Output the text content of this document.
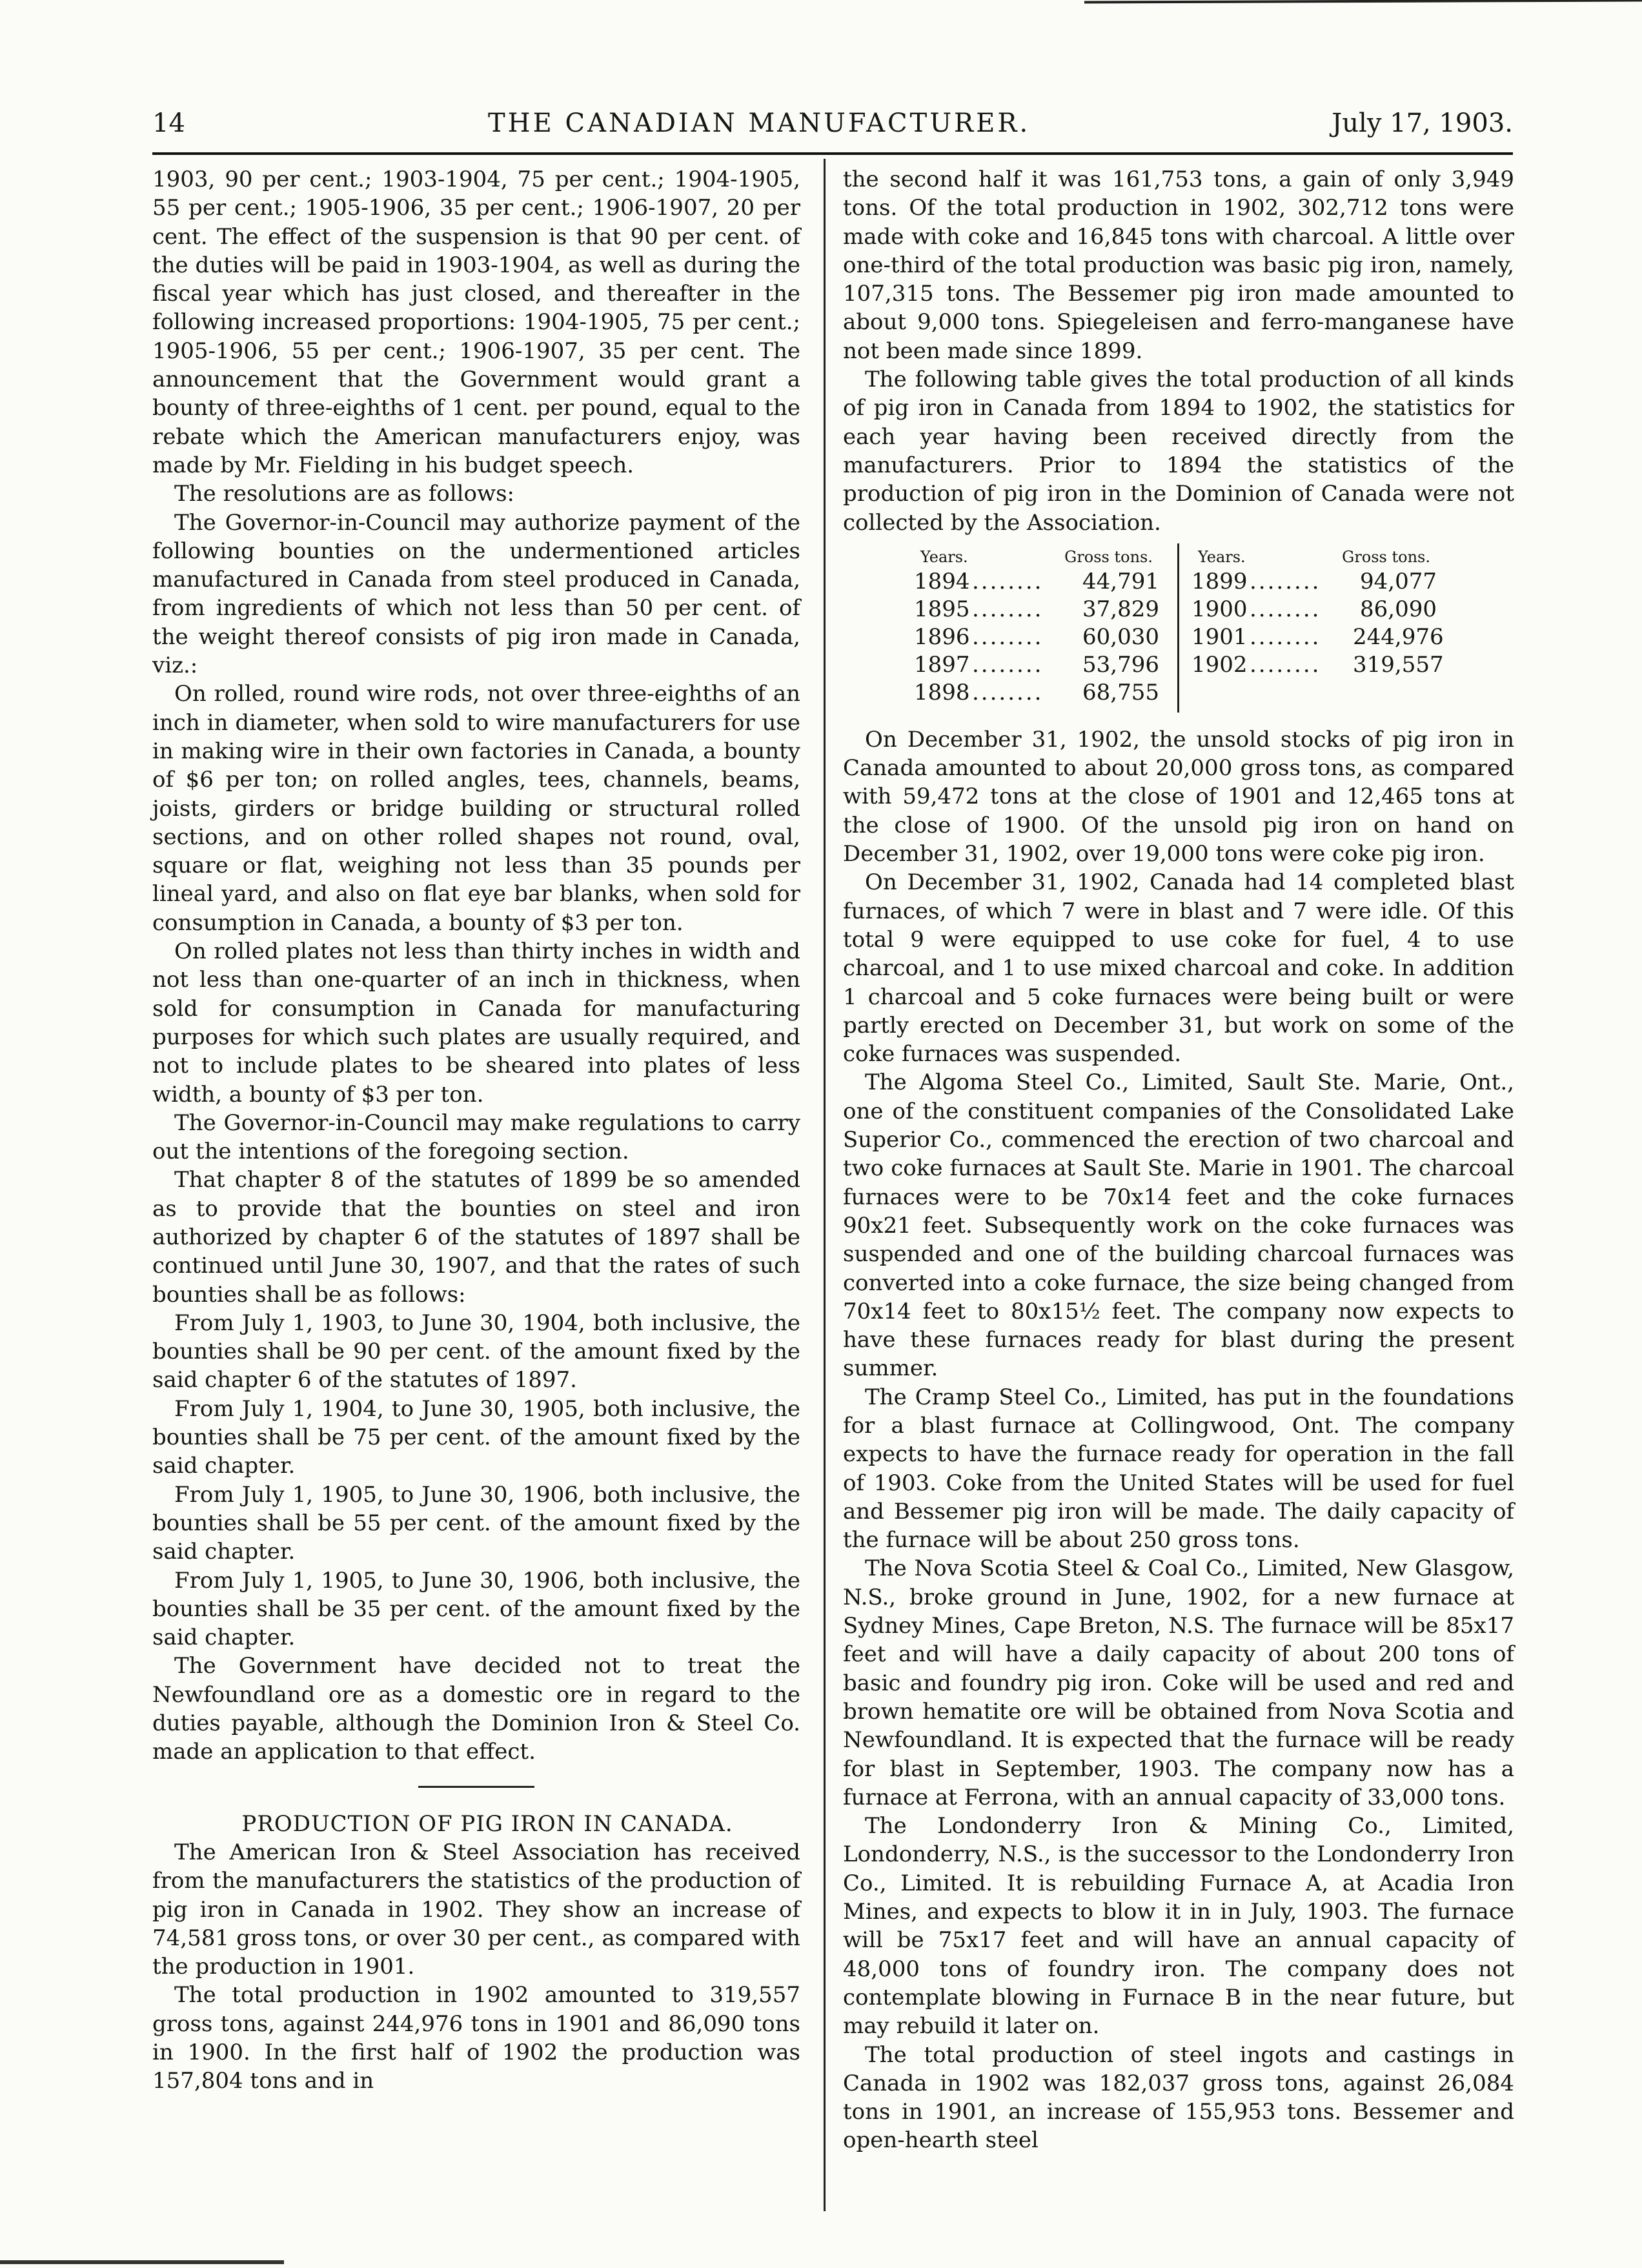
14	THE CANADIAN MANUFACTURER.	July 17, 1903.

1903, 90 per cent.; 1903-1904, 75 per cent.; 1904-1905, 55 per cent.; 1905-1906, 35 per cent.; 1906-1907, 20 per cent. The effect of the suspension is that 90 per cent. of the duties will be paid in 1903-1904, as well as during the fiscal year which has just closed, and thereafter in the following increased proportions: 1904-1905, 75 per cent.; 1905-1906, 55 per cent.; 1906-1907, 35 per cent. The announcement that the Government would grant a bounty of three-eighths of 1 cent. per pound, equal to the rebate which the American manufacturers enjoy, was made by Mr. Fielding in his budget speech.

The resolutions are as follows:

The Governor-in-Council may authorize payment of the following bounties on the undermentioned articles manufactured in Canada from steel produced in Canada, from ingredients of which not less than 50 per cent. of the weight thereof consists of pig iron made in Canada, viz.:

On rolled, round wire rods, not over three-eighths of an inch in diameter, when sold to wire manufacturers for use in making wire in their own factories in Canada, a bounty of $6 per ton; on rolled angles, tees, channels, beams, joists, girders or bridge building or structural rolled sections, and on other rolled shapes not round, oval, square or flat, weighing not less than 35 pounds per lineal yard, and also on flat eye bar blanks, when sold for consumption in Canada, a bounty of $3 per ton.

On rolled plates not less than thirty inches in width and not less than one-quarter of an inch in thickness, when sold for consumption in Canada for manufacturing purposes for which such plates are usually required, and not to include plates to be sheared into plates of less width, a bounty of $3 per ton.

The Governor-in-Council may make regulations to carry out the intentions of the foregoing section.

That chapter 8 of the statutes of 1899 be so amended as to provide that the bounties on steel and iron authorized by chapter 6 of the statutes of 1897 shall be continued until June 30, 1907, and that the rates of such bounties shall be as follows:

From July 1, 1903, to June 30, 1904, both inclusive, the bounties shall be 90 per cent. of the amount fixed by the said chapter 6 of the statutes of 1897.

From July 1, 1904, to June 30, 1905, both inclusive, the bounties shall be 75 per cent. of the amount fixed by the said chapter.

From July 1, 1905, to June 30, 1906, both inclusive, the bounties shall be 55 per cent. of the amount fixed by the said chapter.

From July 1, 1905, to June 30, 1906, both inclusive, the bounties shall be 35 per cent. of the amount fixed by the said chapter.

The Government have decided not to treat the Newfoundland ore as a domestic ore in regard to the duties payable, although the Dominion Iron & Steel Co. made an application to that effect.

PRODUCTION OF PIG IRON IN CANADA.

The American Iron & Steel Association has received from the manufacturers the statistics of the production of pig iron in Canada in 1902. They show an increase of 74,581 gross tons, or over 30 per cent., as compared with the production in 1901.

The total production in 1902 amounted to 319,557 gross tons, against 244,976 tons in 1901 and 86,090 tons in 1900. In the first half of 1902 the production was 157,804 tons and in

the second half it was 161,753 tons, a gain of only 3,949 tons. Of the total production in 1902, 302,712 tons were made with coke and 16,845 tons with charcoal. A little over one-third of the total production was basic pig iron, namely, 107,315 tons. The Bessemer pig iron made amounted to about 9,000 tons. Spiegeleisen and ferro-manganese have not been made since 1899.

The following table gives the total production of all kinds of pig iron in Canada from 1894 to 1902, the statistics for each year having been received directly from the manufacturers. Prior to 1894 the statistics of the production of pig iron in the Dominion of Canada were not collected by the Association.

Years.	Gross tons.
1894 ........	44,791
1895 ........	37,829
1896 ........	60,030
1897 ........	53,796
1898 ........	68,755
Years.	Gross tons.
1899 ........	94,077
1900 ........	86,090
1901 ........	244,976
1902 ........	319,557

On December 31, 1902, the unsold stocks of pig iron in Canada amounted to about 20,000 gross tons, as compared with 59,472 tons at the close of 1901 and 12,465 tons at the close of 1900. Of the unsold pig iron on hand on December 31, 1902, over 19,000 tons were coke pig iron.

On December 31, 1902, Canada had 14 completed blast furnaces, of which 7 were in blast and 7 were idle. Of this total 9 were equipped to use coke for fuel, 4 to use charcoal, and 1 to use mixed charcoal and coke. In addition 1 charcoal and 5 coke furnaces were being built or were partly erected on December 31, but work on some of the coke furnaces was suspended.

The Algoma Steel Co., Limited, Sault Ste. Marie, Ont., one of the constituent companies of the Consolidated Lake Superior Co., commenced the erection of two charcoal and two coke furnaces at Sault Ste. Marie in 1901. The charcoal furnaces were to be 70x14 feet and the coke furnaces 90x21 feet. Subsequently work on the coke furnaces was suspended and one of the building charcoal furnaces was converted into a coke furnace, the size being changed from 70x14 feet to 80x15½ feet. The company now expects to have these furnaces ready for blast during the present summer.

The Cramp Steel Co., Limited, has put in the foundations for a blast furnace at Collingwood, Ont. The company expects to have the furnace ready for operation in the fall of 1903. Coke from the United States will be used for fuel and Bessemer pig iron will be made. The daily capacity of the furnace will be about 250 gross tons.

The Nova Scotia Steel & Coal Co., Limited, New Glasgow, N.S., broke ground in June, 1902, for a new furnace at Sydney Mines, Cape Breton, N.S. The furnace will be 85x17 feet and will have a daily capacity of about 200 tons of basic and foundry pig iron. Coke will be used and red and brown hematite ore will be obtained from Nova Scotia and Newfoundland. It is expected that the furnace will be ready for blast in September, 1903. The company now has a furnace at Ferrona, with an annual capacity of 33,000 tons.

The Londonderry Iron & Mining Co., Limited, Londonderry, N.S., is the successor to the Londonderry Iron Co., Limited. It is rebuilding Furnace A, at Acadia Iron Mines, and expects to blow it in in July, 1903. The furnace will be 75x17 feet and will have an annual capacity of 48,000 tons of foundry iron. The company does not contemplate blowing in Furnace B in the near future, but may rebuild it later on.

The total production of steel ingots and castings in Canada in 1902 was 182,037 gross tons, against 26,084 tons in 1901, an increase of 155,953 tons. Bessemer and open-hearth steel
